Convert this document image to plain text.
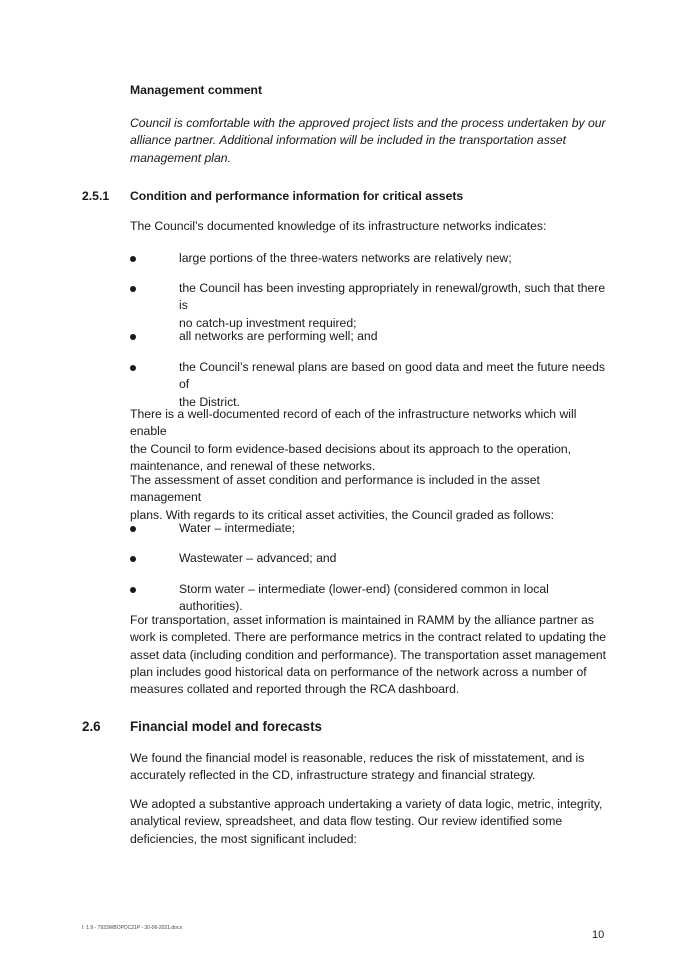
Management comment
Council is comfortable with the approved project lists and the process undertaken by our
alliance partner. Additional information will be included in the transportation asset
management plan.
2.5.1 Condition and performance information for critical assets
The Council’s documented knowledge of its infrastructure networks indicates:
large portions of the three-waters networks are relatively new;
the Council has been investing appropriately in renewal/growth, such that there is
no catch-up investment required;
all networks are performing well; and
the Council’s renewal plans are based on good data and meet the future needs of
the District.
There is a well-documented record of each of the infrastructure networks which will enable
the Council to form evidence-based decisions about its approach to the operation,
maintenance, and renewal of these networks.
The assessment of asset condition and performance is included in the asset management
plans. With regards to its critical asset activities, the Council graded as follows:
Water – intermediate;
Wastewater – advanced; and
Storm water – intermediate (lower-end) (considered common in local authorities).
For transportation, asset information is maintained in RAMM by the alliance partner as
work is completed. There are performance metrics in the contract related to updating the
asset data (including condition and performance). The transportation asset management
plan includes good historical data on performance of the network across a number of
measures collated and reported through the RCA dashboard.
2.6 Financial model and forecasts
We found the financial model is reasonable, reduces the risk of misstatement, and is
accurately reflected in the CD, infrastructure strategy and financial strategy.
We adopted a substantive approach undertaking a variety of data logic, metric, integrity,
analytical review, spreadsheet, and data flow testing. Our review identified some
deficiencies, the most significant included:
I: 1.9 - 7933WBOPDC21P - 30-06-2021.docx
10
